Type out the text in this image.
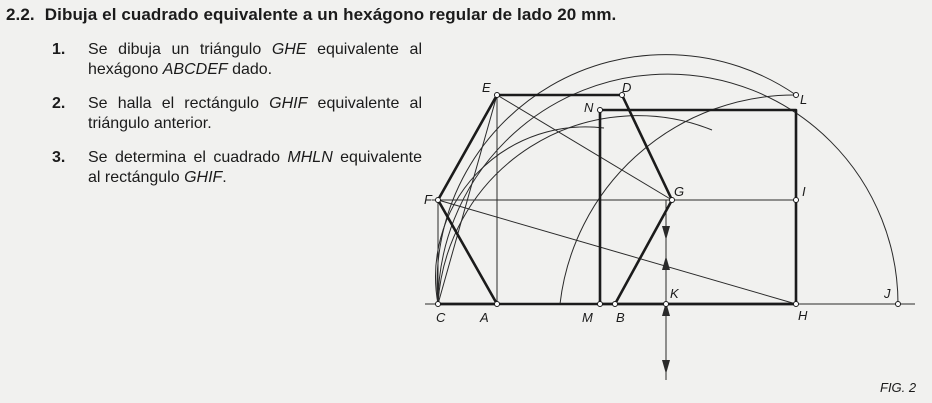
2.2. Dibuja el cuadrado equivalente a un hexágono regular de lado 20 mm.
1. Se dibuja un triángulo GHE equivalente al hexágono ABCDEF dado.
2. Se halla el rectángulo GHIF equivalente al triángulo anterior.
3. Se determina el cuadrado MHLN equivalente al rectángulo GHIF.
E	D
N
L
F
G	I
C	A	M B
K
H
J
FIG. 2
